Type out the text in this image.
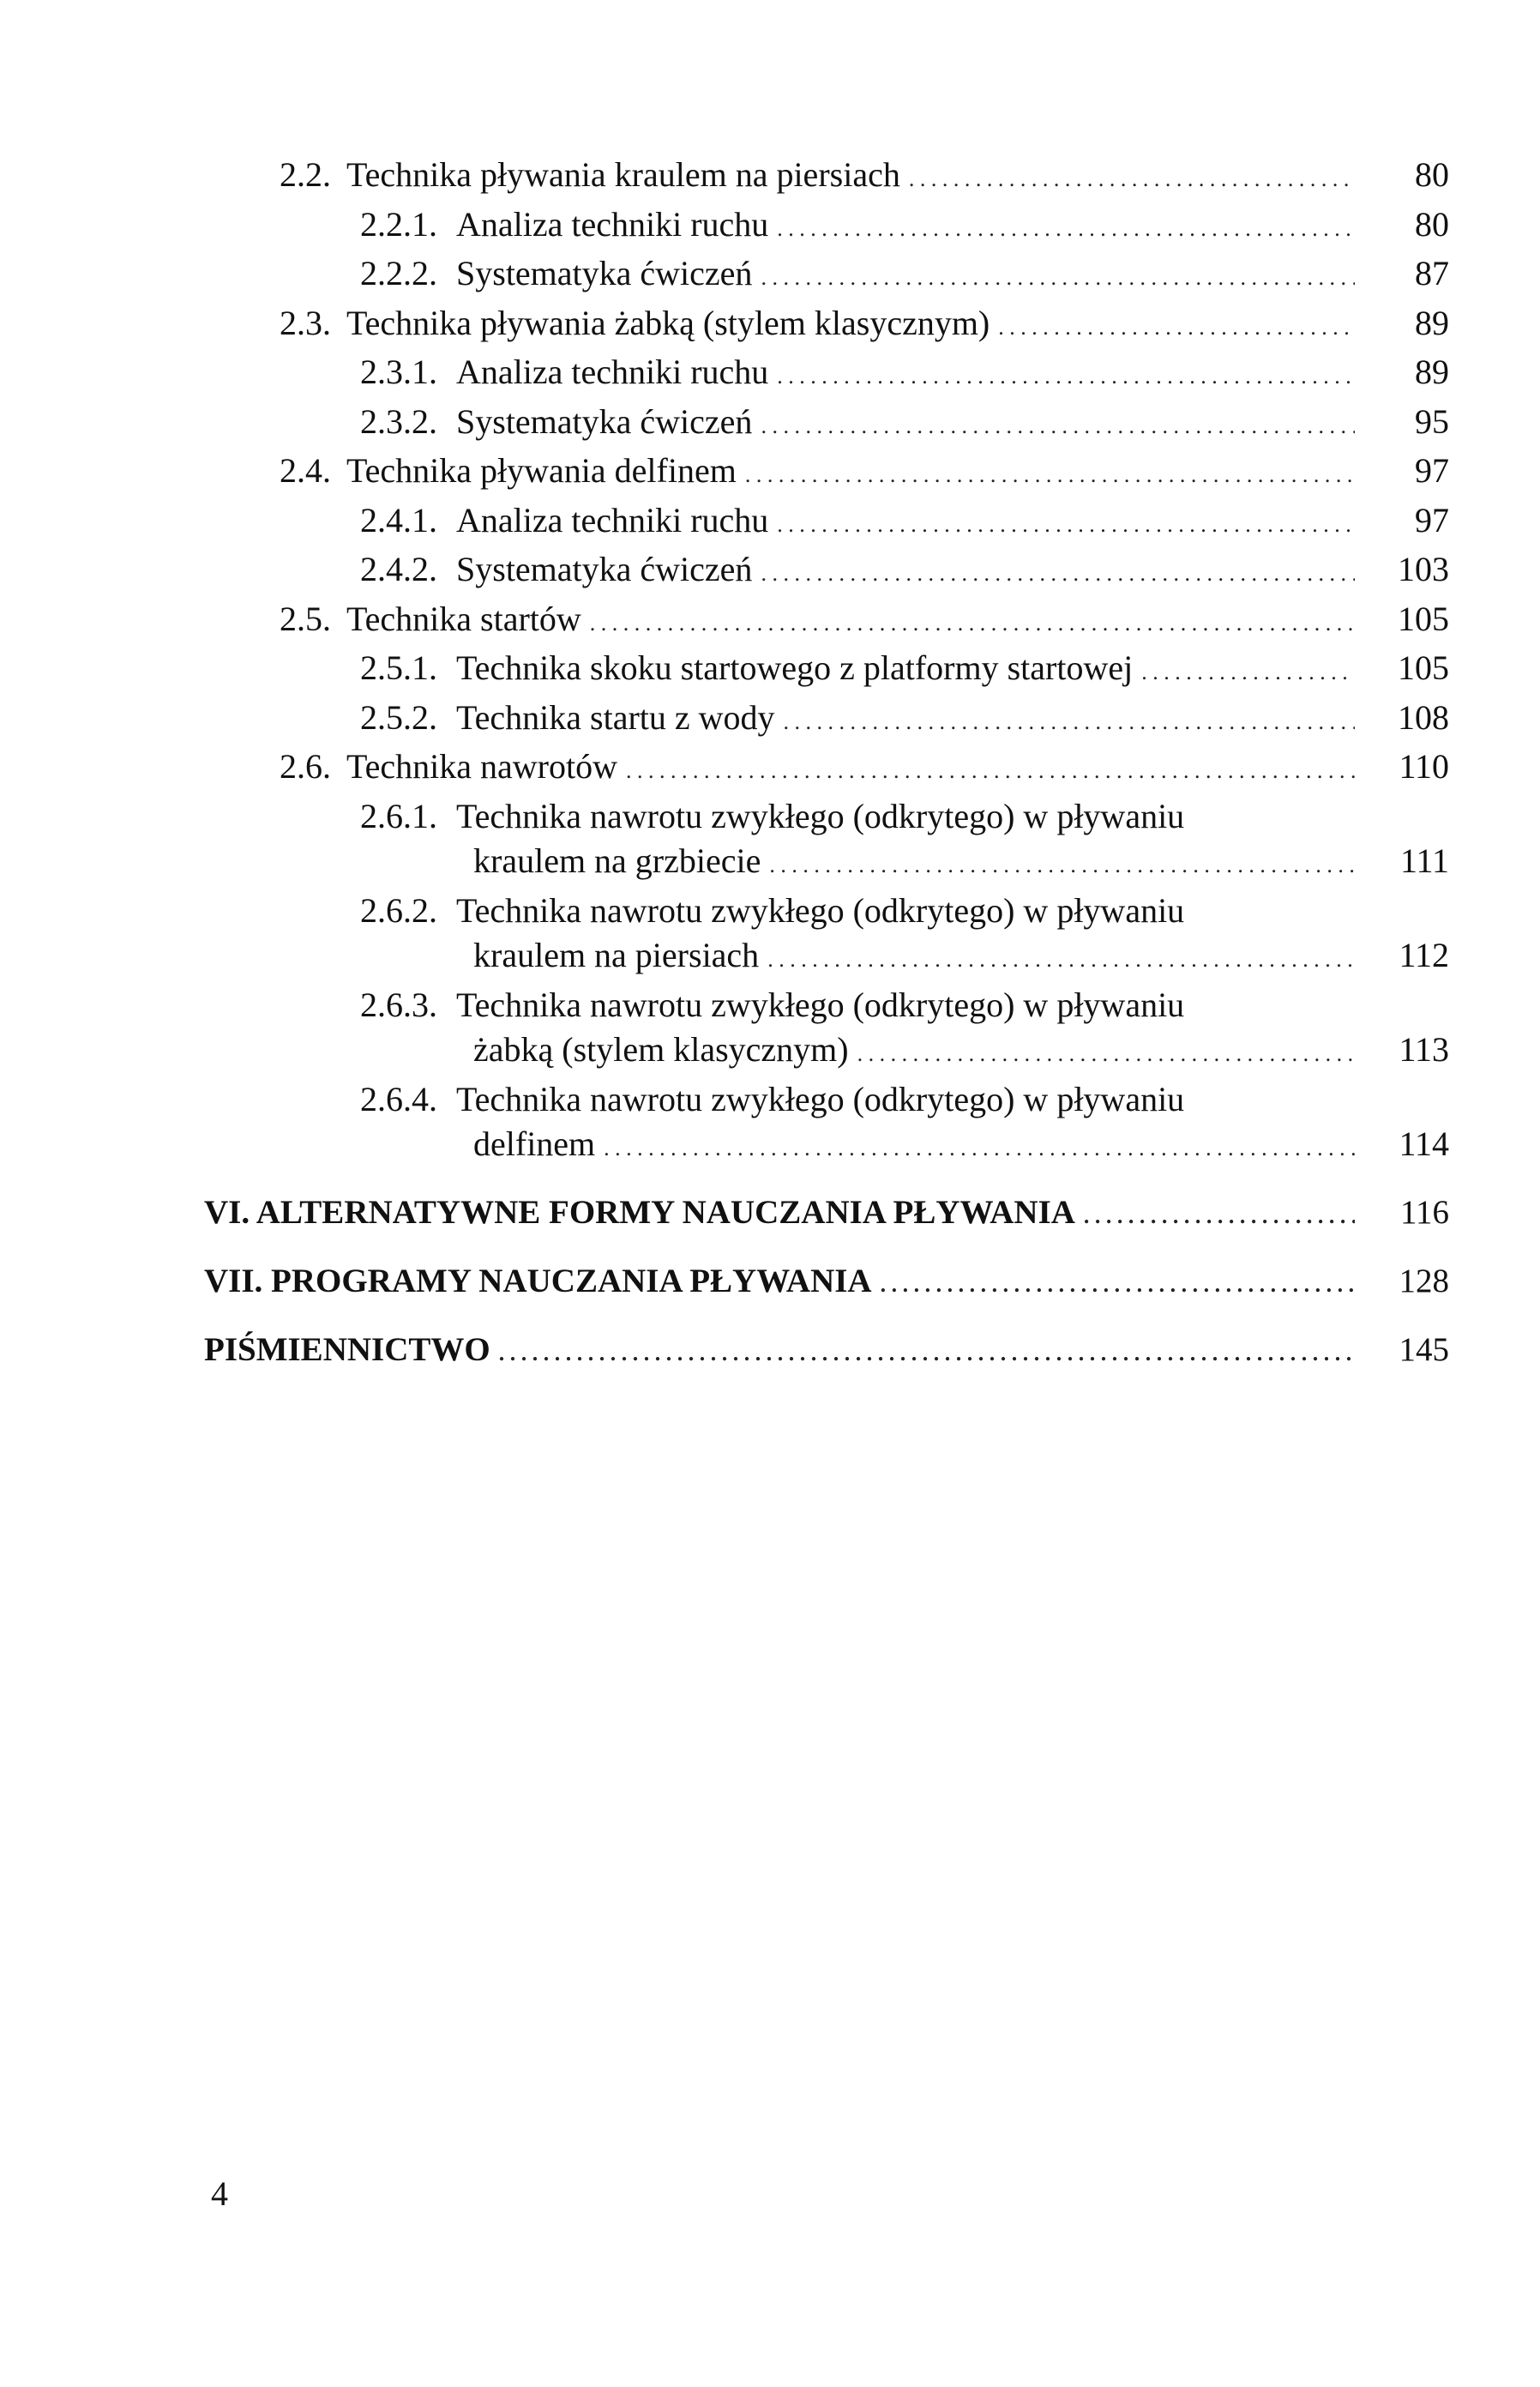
2.2. Technika pływania kraulem na piersiach . . .	80
2.2.1. Analiza techniki ruchu . . .	80
2.2.2. Systematyka ćwiczeń . . .	87
2.3. Technika pływania żabką (stylem klasycznym) . . .	89
2.3.1. Analiza techniki ruchu . . .	89
2.3.2. Systematyka ćwiczeń . . .	95
2.4. Technika pływania delfinem . . .	97
2.4.1. Analiza techniki ruchu . . .	97
2.4.2. Systematyka ćwiczeń . . .	103
2.5. Technika startów . . .	105
2.5.1. Technika skoku startowego z platformy startowej . . .	105
2.5.2. Technika startu z wody . . .	108
2.6. Technika nawrotów . . .	110
2.6.1. Technika nawrotu zwykłego (odkrytego) w pływaniu
kraulem na grzbiecie . . .	111
2.6.2. Technika nawrotu zwykłego (odkrytego) w pływaniu
kraulem na piersiach . . .	112
2.6.3. Technika nawrotu zwykłego (odkrytego) w pływaniu
żabką (stylem klasycznym) . . .	113
2.6.4. Technika nawrotu zwykłego (odkrytego) w pływaniu
delfinem . . .	114
VI. ALTERNATYWNE FORMY NAUCZANIA PŁYWANIA . . .	116
VII. PROGRAMY NAUCZANIA PŁYWANIA . . .	128
PIŚMIENNICTWO . . .	145
4
